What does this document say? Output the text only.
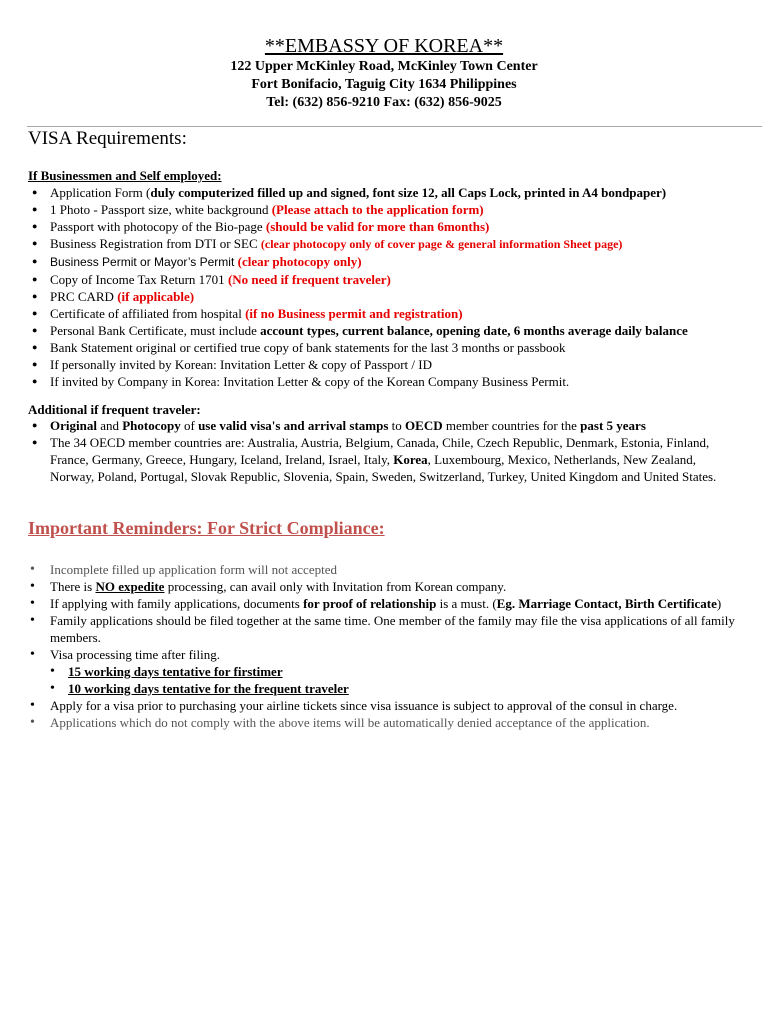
**EMBASSY OF KOREA**
122 Upper McKinley Road, McKinley Town Center
Fort Bonifacio, Taguig City 1634 Philippines
Tel: (632) 856-9210 Fax: (632) 856-9025
VISA Requirements:
If Businessmen and Self employed:
● Application Form (duly computerized filled up and signed, font size 12, all Caps Lock, printed in A4 bondpaper)
● 1 Photo - Passport size, white background (Please attach to the application form)
● Passport with photocopy of the Bio-page (should be valid for more than 6months)
● Business Registration from DTI or SEC (clear photocopy only of cover page & general information Sheet page)
● Business Permit or Mayor’s Permit (clear photocopy only)
● Copy of Income Tax Return 1701 (No need if frequent traveler)
● PRC CARD (if applicable)
● Certificate of affiliated from hospital (if no Business permit and registration)
● Personal Bank Certificate, must include account types, current balance, opening date, 6 months average daily balance
● Bank Statement original or certified true copy of bank statements for the last 3 months or passbook
● If personally invited by Korean: Invitation Letter & copy of Passport / ID
● If invited by Company in Korea: Invitation Letter & copy of the Korean Company Business Permit.
Additional if frequent traveler:
● Original and Photocopy of use valid visa's and arrival stamps to OECD member countries for the past 5 years
● The 34 OECD member countries are: Australia, Austria, Belgium, Canada, Chile, Czech Republic, Denmark, Estonia, Finland, France, Germany, Greece, Hungary, Iceland, Ireland, Israel, Italy, Korea, Luxembourg, Mexico, Netherlands, New Zealand, Norway, Poland, Portugal, Slovak Republic, Slovenia, Spain, Sweden, Switzerland, Turkey, United Kingdom and United States.
Important Reminders: For Strict Compliance:
• Incomplete filled up application form will not accepted
• There is NO expedite processing, can avail only with Invitation from Korean company.
• If applying with family applications, documents for proof of relationship is a must. (Eg. Marriage Contact, Birth Certificate)
• Family applications should be filed together at the same time. One member of the family may file the visa applications of all family members.
• Visa processing time after filing.
• 15 working days tentative for firstimer
• 10 working days tentative for the frequent traveler
• Apply for a visa prior to purchasing your airline tickets since visa issuance is subject to approval of the consul in charge.
• Applications which do not comply with the above items will be automatically denied acceptance of the application.
